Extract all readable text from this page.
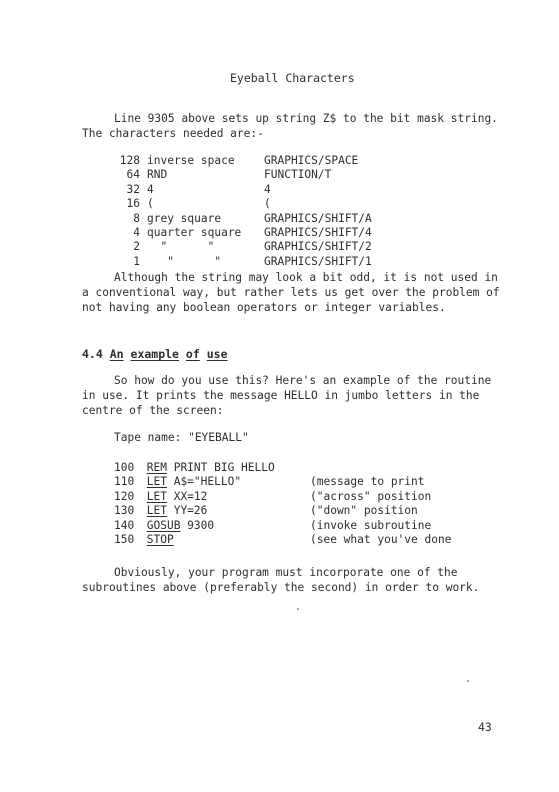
Eyeball Characters
Line 9305 above sets up string Z$ to the bit mask string. The characters needed are:-
128	inverse space	GRAPHICS/SPACE
64	RND	FUNCTION/T
32	4	4
16	(	(
8	grey square	GRAPHICS/SHIFT/A
4	quarter square	GRAPHICS/SHIFT/4
2	"      "	GRAPHICS/SHIFT/2
1	"      "	GRAPHICS/SHIFT/1
Although the string may look a bit odd, it is not used in a conventional way, but rather lets us get over the problem of not having any boolean operators or integer variables.
4.4 An example of use
So how do you use this? Here's an example of the routine in use. It prints the message HELLO in jumbo letters in the centre of the screen:
Tape name: "EYEBALL"
100	REM PRINT BIG HELLO	
110	LET A$="HELLO"	(message to print
120	LET XX=12	("across" position
130	LET YY=26	("down" position
140	GOSUB 9300	(invoke subroutine
150	STOP	(see what you've done
Obviously, your program must incorporate one of the subroutines above (preferably the second) in order to work.
43
